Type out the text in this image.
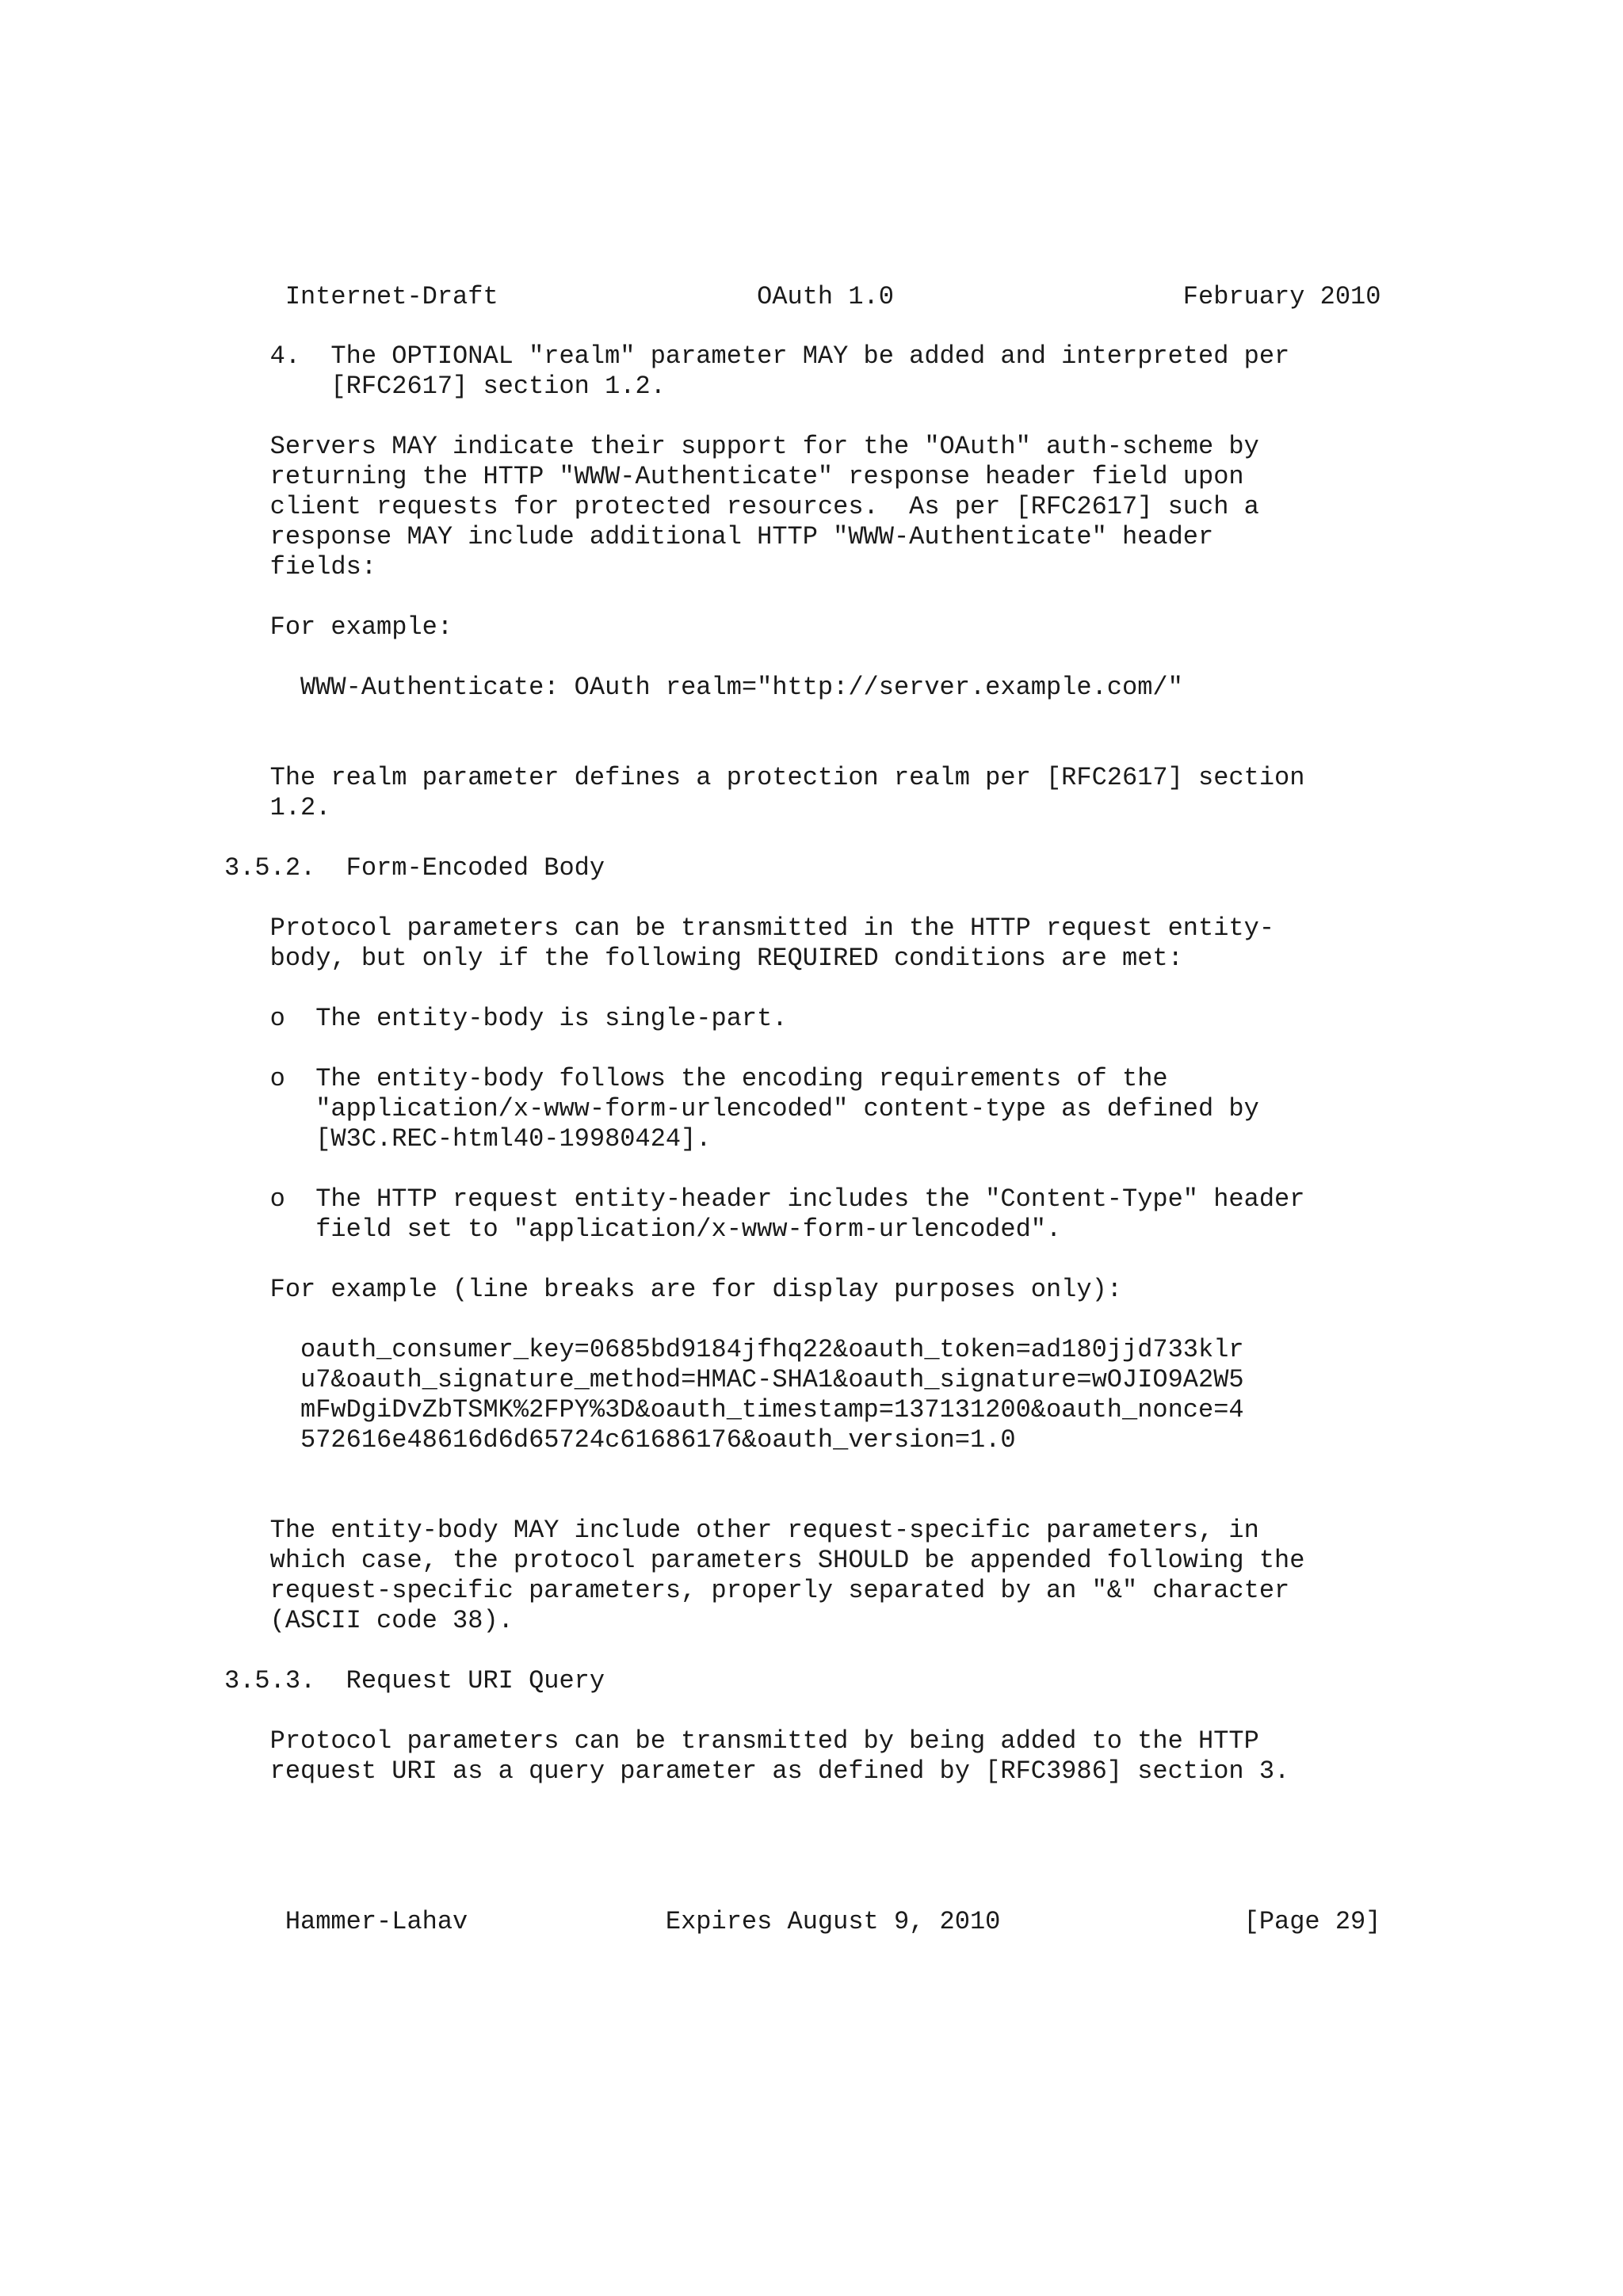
Internet-Draft	OAuth 1.0	February 2010

4.  The OPTIONAL "realm" parameter MAY be added and interpreted per
[RFC2617] section 1.2.
Servers MAY indicate their support for the "OAuth" auth-scheme by
returning the HTTP "WWW-Authenticate" response header field upon
client requests for protected resources.  As per [RFC2617] such a
response MAY include additional HTTP "WWW-Authenticate" header
fields:
For example:
WWW-Authenticate: OAuth realm="http://server.example.com/"
The realm parameter defines a protection realm per [RFC2617] section
1.2.
3.5.2.  Form-Encoded Body
Protocol parameters can be transmitted in the HTTP request entity-
body, but only if the following REQUIRED conditions are met:
o  The entity-body is single-part.
o  The entity-body follows the encoding requirements of the
"application/x-www-form-urlencoded" content-type as defined by
[W3C.REC-html40-19980424].
o  The HTTP request entity-header includes the "Content-Type" header
field set to "application/x-www-form-urlencoded".
For example (line breaks are for display purposes only):
oauth_consumer_key=0685bd9184jfhq22&oauth_token=ad180jjd733klr
u7&oauth_signature_method=HMAC-SHA1&oauth_signature=wOJIO9A2W5
mFwDgiDvZbTSMK%2FPY%3D&oauth_timestamp=137131200&oauth_nonce=4
572616e48616d6d65724c61686176&oauth_version=1.0
The entity-body MAY include other request-specific parameters, in
which case, the protocol parameters SHOULD be appended following the
request-specific parameters, properly separated by an "&" character
(ASCII code 38).
3.5.3.  Request URI Query
Protocol parameters can be transmitted by being added to the HTTP
request URI as a query parameter as defined by [RFC3986] section 3.

Hammer-Lahav	Expires August 9, 2010	[Page 29]
